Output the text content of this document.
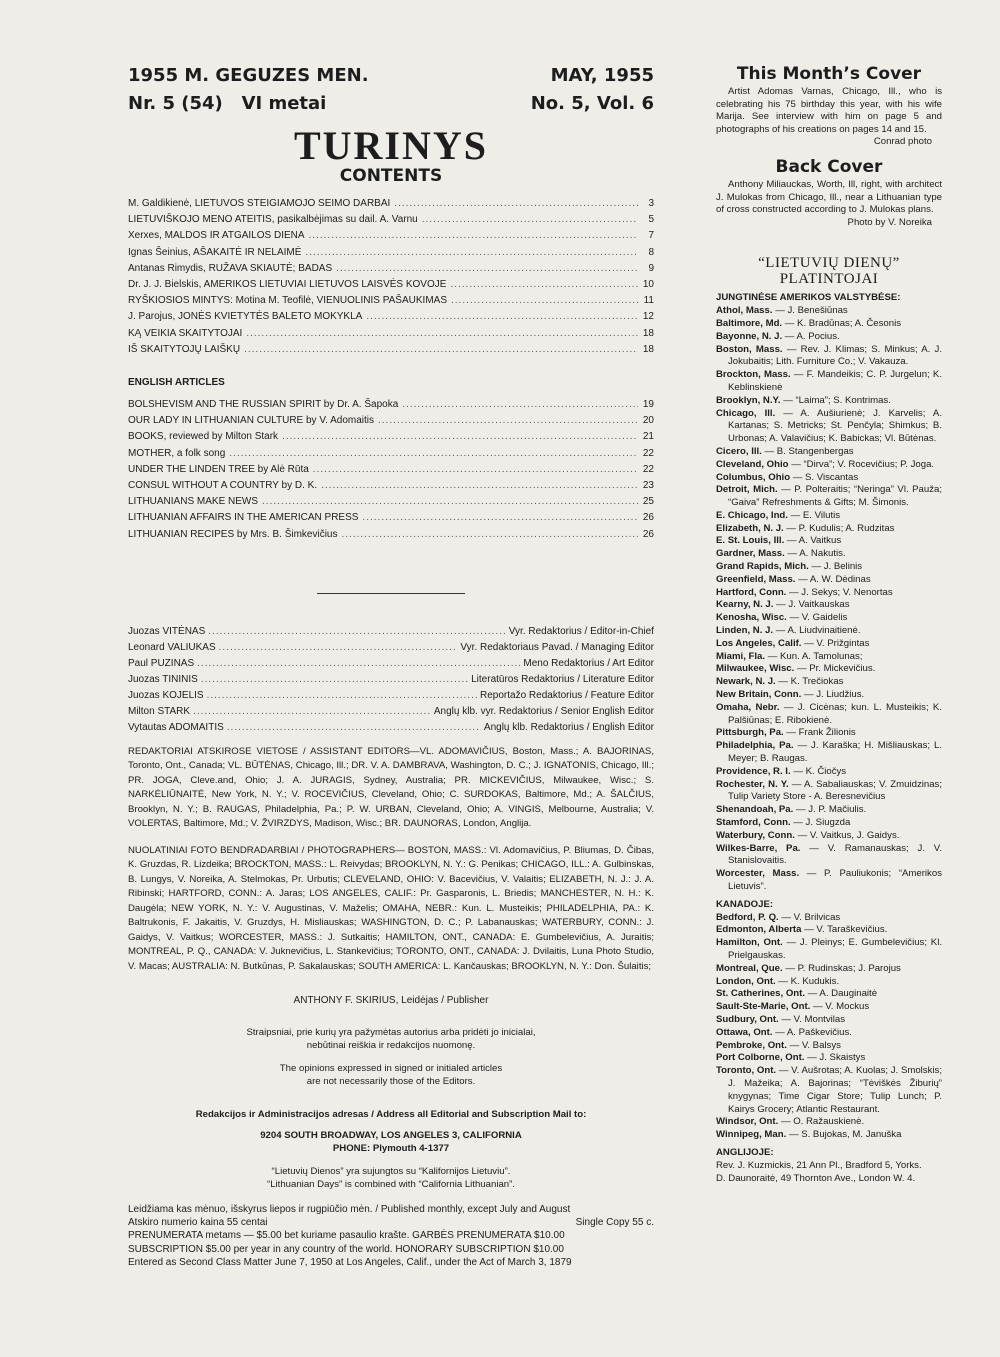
1955 M. GEGUZES MEN.	MAY, 1955
Nr. 5 (54)   VI metai	No. 5, Vol. 6
TURINYS
CONTENTS
M. Galdikienė, LIETUVOS STEIGIAMOJO SEIMO DARBAI .....	3
LIETUVIŠKOJO MENO ATEITIS, pasikalbėjimas su dail. A. Varnu .....	5
Xerxes, MALDOS IR ATGAILOS DIENA .....	7
Ignas Šeinius, AŠAKAITĖ IR NELAIMĖ .....	8
Antanas Rimydis, RUŽAVA SKIAUTĖ; BADAS .....	9
Dr. J. J. Bielskis, AMERIKOS LIETUVIAI LIETUVOS LAISVĖS KOVOJE .....	10
RYŠKIOSIOS MINTYS: Motina M. Teofilė, VIENUOLINIS PAŠAUKIMAS .....	11
J. Parojus, JONĖS KVIETYTĖS BALETO MOKYKLA .....	12
KĄ VEIKIA SKAITYTOJAI .....	18
IŠ SKAITYTOJŲ LAIŠKŲ .....	18
ENGLISH ARTICLES
BOLSHEVISM AND THE RUSSIAN SPIRIT by Dr. A. Šapoka .....	19
OUR LADY IN LITHUANIAN CULTURE by V. Adomaitis .....	20
BOOKS, reviewed by Milton Stark .....	21
MOTHER, a folk song .....	22
UNDER THE LINDEN TREE by Alė Rūta .....	22
CONSUL WITHOUT A COUNTRY by D. K. .....	23
LITHUANIANS MAKE NEWS .....	25
LITHUANIAN AFFAIRS IN THE AMERICAN PRESS .....	26
LITHUANIAN RECIPES by Mrs. B. Šimkevičius .....	26
Juozas VITĖNAS .....	Vyr. Redaktorius / Editor-in-Chief
Leonard VALIUKAS .....	Vyr. Redaktoriaus Pavad. / Managing Editor
Paul PUZINAS .....	Meno Redaktorius / Art Editor
Juozas TININIS .....	Literatūros Redaktorius / Literature Editor
Juozas KOJELIS .....	Reportažo Redaktorius / Feature Editor
Milton STARK .....	Anglų klb. vyr. Redaktorius / Senior English Editor
Vytautas ADOMAITIS .....	Anglų klb. Redaktorius / English Editor
REDAKTORIAI ATSKIROSE VIETOSE / ASSISTANT EDITORS—VL. ADOMAVIČIUS, Boston, Mass.; A. BAJORINAS, Toronto, Ont., Canada; VL. BŪTĖNAS, Chicago, Ill.; DR. V. A. DAMBRAVA, Washington, D. C.; J. IGNATONIS, Chicago, Ill.; PR. JOGA, Cleve.and, Ohio; J. A. JURAGIS, Sydney, Australia; PR. MICKEVIČIUS, Milwaukee, Wisc.; S. NARKĖLIŪNAITĖ, New York, N. Y.; V. ROCEVIČIUS, Cleveland, Ohio; C. SURDOKAS, Baltimore, Md.; A. ŠALČIUS, Brooklyn, N. Y.; B. RAUGAS, Philadelphia, Pa.; P. W. URBAN, Cleveland, Ohio; A. VINGIS, Melbourne, Australia; V. VOLERTAS, Baltimore, Md.; V. ŽVIRZDYS, Madison, Wisc.; BR. DAUNORAS, London, Anglija.
NUOLATINIAI FOTO BENDRADARBIAI / PHOTOGRAPHERS— BOSTON, MASS.: Vl. Adomavičius, P. Bliumas, D. Čibas, K. Gruzdas, R. Lizdeika; BROCKTON, MASS.: L. Reivydas; BROOKLYN, N. Y.: G. Penikas; CHICAGO, ILL.: A. Gulbinskas, B. Lungys, V. Noreika, A. Stelmokas, Pr. Urbutis; CLEVELAND, OHIO: V. Bacevičius, V. Valaitis; ELIZABETH, N. J.: J. A. Ribinski; HARTFORD, CONN.: A. Jaras; LOS ANGELES, CALIF.: Pr. Gasparonis, L. Briedis; MANCHESTER, N. H.: K. Daugėla; NEW YORK, N. Y.: V. Augustinas, V. Maželis; OMAHA, NEBR.: Kun. L. Musteikis; PHILADELPHIA, PA.: K. Baltrukonis, F. Jakaitis, V. Gruzdys, H. Misliauskas; WASHINGTON, D. C.; P. Labanauskas; WATERBURY, CONN.: J. Gaidys, V. Vaitkus; WORCESTER, MASS.: J. Sutkaitis; HAMILTON, ONT., CANADA: E. Gumbelevičius, A. Juraitis; MONTREAL, P. Q., CANADA: V. Juknevičius, L. Stankevičius; TORONTO, ONT., CANADA: J. Dvilaitis, Luna Photo Studio, V. Macas; AUSTRALIA: N. Butkūnas, P. Sakalauskas; SOUTH AMERICA: L. Kančauskas; BROOKLYN, N. Y.: Don. Šulaitis;
ANTHONY F. SKIRIUS, Leidėjas / Publisher
Straipsniai, prie kurių yra pažymėtas autorius arba pridėti jo inicialai,
nebūtinai reiškia ir redakcijos nuomonę.
The opinions expressed in signed or initialed articles
are not necessarily those of the Editors.
Redakcijos ir Administracijos adresas / Address all Editorial and Subscription Mail to:
9204 SOUTH BROADWAY, LOS ANGELES 3, CALIFORNIA
PHONE: Plymouth 4-1377
“Lietuvių Dienos” yra sujungtos su “Kalifornijos Lietuviu”.
“Lithuanian Days” is combined with “California Lithuanian”.
Leidžiama kas mėnuo, išskyrus liepos ir rugpiūčio mėn. / Published monthly, except July and August
Atskiro numerio kaina 55 centai	Single Copy 55 c.
PRENUMERATA metams — $5.00 bet kuriame pasaulio krašte. GARBĖS PRENUMERATA $10.00
SUBSCRIPTION $5.00 per year in any country of the world. HONORARY SUBSCRIPTION $10.00
Entered as Second Class Matter June 7, 1950 at Los Angeles, Calif., under the Act of March 3, 1879
This Month’s Cover
Artist Adomas Varnas, Chicago, Ill., who is celebrating his 75 birthday this year, with his wife Marija. See interview with him on page 5 and photographs of his creations on pages 14 and 15.
Conrad photo
Back Cover
Anthony Miliauckas, Worth, Ill, right, with architect J. Mulokas from Chicago, Ill., near a Lithuanian type of cross constructed according to J. Mulokas plans.
Photo by V. Noreika
“LIETUVIŲ DIENŲ”
PLATINTOJAI
JUNGTINĖSE AMERIKOS VALSTYBĖSE:
Athol, Mass. — J. Benešiūnas
Baltimore, Md. — K. Bradūnas; A. Česonis
Bayonne, N. J. — A. Pocius.
Boston, Mass. — Rev. J. Klimas; S. Minkus; A. J. Jokubaitis; Lith. Furniture Co.; V. Vakauza.
Brockton, Mass. — F. Mandeikis; C. P. Jurgelun; K. Keblinskienė
Brooklyn, N.Y. — “Laima”; S. Kontrimas.
Chicago, Ill. — A. Aušiurienė; J. Karvelis; A. Kartanas; S. Metricks; St. Penčyla; Shimkus; B. Urbonas; A. Valavičius; K. Babickas; Vl. Būtėnas.
Cicero, Ill. — B. Stangenbergas
Cleveland, Ohio — “Dirva”; V. Rocevičius; P. Joga.
Columbus, Ohio — S. Viscantas
Detroit, Mich. — P. Polteraitis; “Neringa” Vl. Pauža; “Gaiva” Refreshments & Gifts; M. Šimonis.
E. Chicago, Ind. — E. Vilutis
Elizabeth, N. J. — P. Kudulis; A. Rudzitas
E. St. Louis, Ill. — A. Vaitkus
Gardner, Mass. — A. Nakutis.
Grand Rapids, Mich. — J. Belinis
Greenfield, Mass. — A. W. Dėdinas
Hartford, Conn. — J. Sekys; V. Nenortas
Kearny, N. J. — J. Vaitkauskas
Kenosha, Wisc. — V. Gaidelis
Linden, N. J. — A. Liudvinaitienė.
Los Angeles, Calif. — V. Prižgintas
Miami, Fla. — Kun. A. Tamolunas;
Milwaukee, Wisc. — Pr. Mickevičius.
Newark, N. J. — K. Trečiokas
New Britain, Conn. — J. Liudžius.
Omaha, Nebr. — J. Cicėnas; kun. L. Musteikis; K. Palšiūnas; E. Ribokienė.
Pittsburgh, Pa. — Frank Žilionis
Philadelphia, Pa. — J. Karaška; H. Mišliauskas; L. Meyer; B. Raugas.
Providence, R. I. — K. Čiočys
Rochester, N. Y. — A. Sabaliauskas; V. Zmuidzinas; Tulip Variety Store - A. Beresnevičius
Shenandoah, Pa. — J. P. Mačiulis.
Stamford, Conn. — J. Siugzda
Waterbury, Conn. — V. Vaitkus, J. Gaidys.
Wilkes-Barre, Pa. — V. Ramanauskas; J. V. Stanislovaitis.
Worcester, Mass. — P. Pauliukonis; “Amerikos Lietuvis”.
KANADOJE:
Bedford, P. Q. — V. Brilvicas
Edmonton, Alberta — V. Taraškevičius.
Hamilton, Ont. — J. Pleinys; E. Gumbelevičius; Kl. Prielgauskas.
Montreal, Que. — P. Rudinskas; J. Parojus
London, Ont. — K. Kudukis.
St. Catherines, Ont. — A. Dauginaitė
Sault-Ste-Marie, Ont. — V. Mockus
Sudbury, Ont. — V. Montvilas
Ottawa, Ont. — A. Paškevičius.
Pembroke, Ont. — V. Balsys
Port Colborne, Ont. — J. Skaistys
Toronto, Ont. — V. Aušrotas; A. Kuolas; J. Smolskis; J. Mažeika; A. Bajorinas; “Tėviškės Žiburių” knygynas; Time Cigar Store; Tulip Lunch; P. Kairys Grocery; Atlantic Restaurant.
Windsor, Ont. — O. Ražauskienė.
Winnipeg, Man. — S. Bujokas, M. Januška
ANGLIJOJE:
Rev. J. Kuzmickis, 21 Ann Pl., Bradford 5, Yorks.
D. Daunoraitė, 49 Thornton Ave., London W. 4.
